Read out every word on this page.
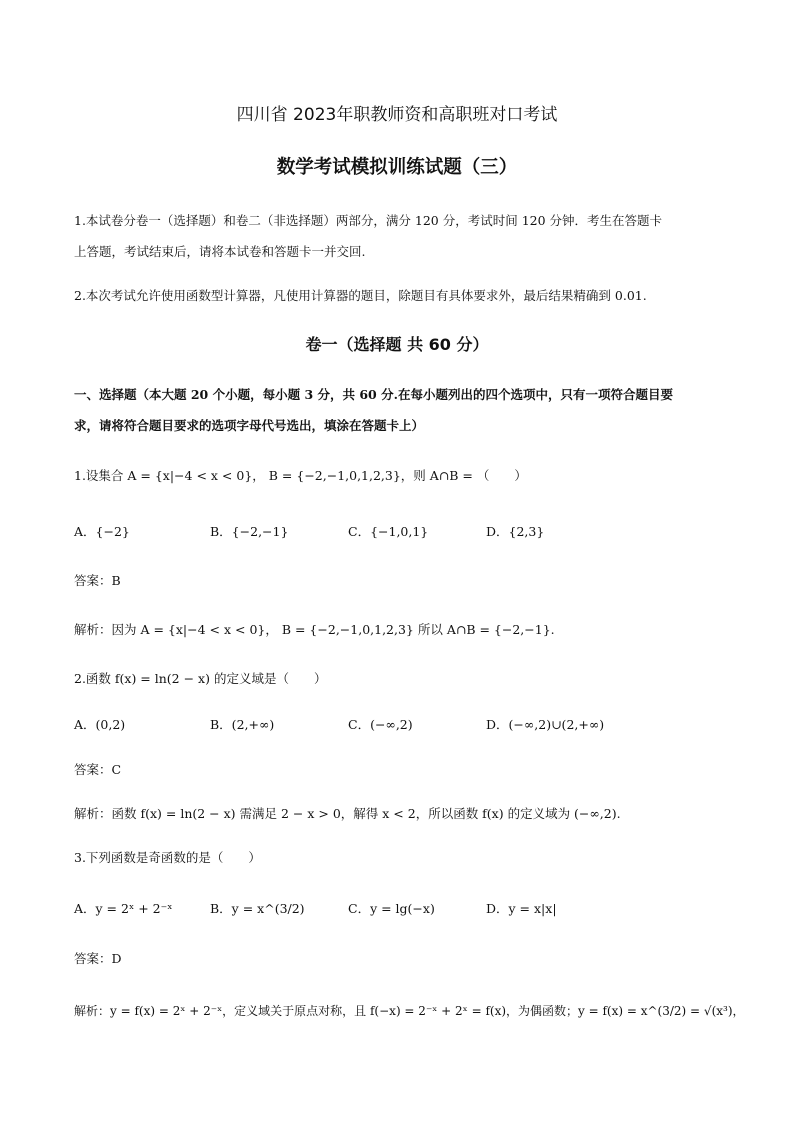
四川省 2023年职教师资和高职班对口考试
数学考试模拟训练试题（三）
1.本试卷分卷一（选择题）和卷二（非选择题）两部分，满分 120 分，考试时间 120 分钟．考生在答题卡
上答题，考试结束后，请将本试卷和答题卡一并交回.
2.本次考试允许使用函数型计算器，凡使用计算器的题目，除题目有具体要求外，最后结果精确到 0.01.
卷一（选择题 共 60 分）
一、选择题（本大题 20 个小题，每小题 3 分，共 60 分.在每小题列出的四个选项中，只有一项符合题目要
求，请将符合题目要求的选项字母代号选出，填涂在答题卡上）
1.设集合 A = {x|−4 < x < 0}， B = {−2,−1,0,1,2,3}，则 A∩B = （　　）
A．{−2}	B．{−2,−1}	C．{−1,0,1}	D．{2,3}
答案：B
解析：因为 A = {x|−4 < x < 0}， B = {−2,−1,0,1,2,3} 所以 A∩B = {−2,−1}.
2.函数 f(x) = ln(2 − x) 的定义域是（　　）
A．(0,2)	B．(2,+∞)	C．(−∞,2)	D．(−∞,2)∪(2,+∞)
答案：C
解析：函数 f(x) = ln(2 − x) 需满足 2 − x > 0，解得 x < 2，所以函数 f(x) 的定义域为 (−∞,2).
3.下列函数是奇函数的是（　　）
A．y = 2ˣ + 2⁻ˣ	B．y = x^(3/2)	C．y = lg(−x)	D．y = x|x|
答案：D
解析：y = f(x) = 2ˣ + 2⁻ˣ，定义域关于原点对称，且 f(−x) = 2⁻ˣ + 2ˣ = f(x)，为偶函数；y = f(x) = x^(3/2) = √(x³)，
